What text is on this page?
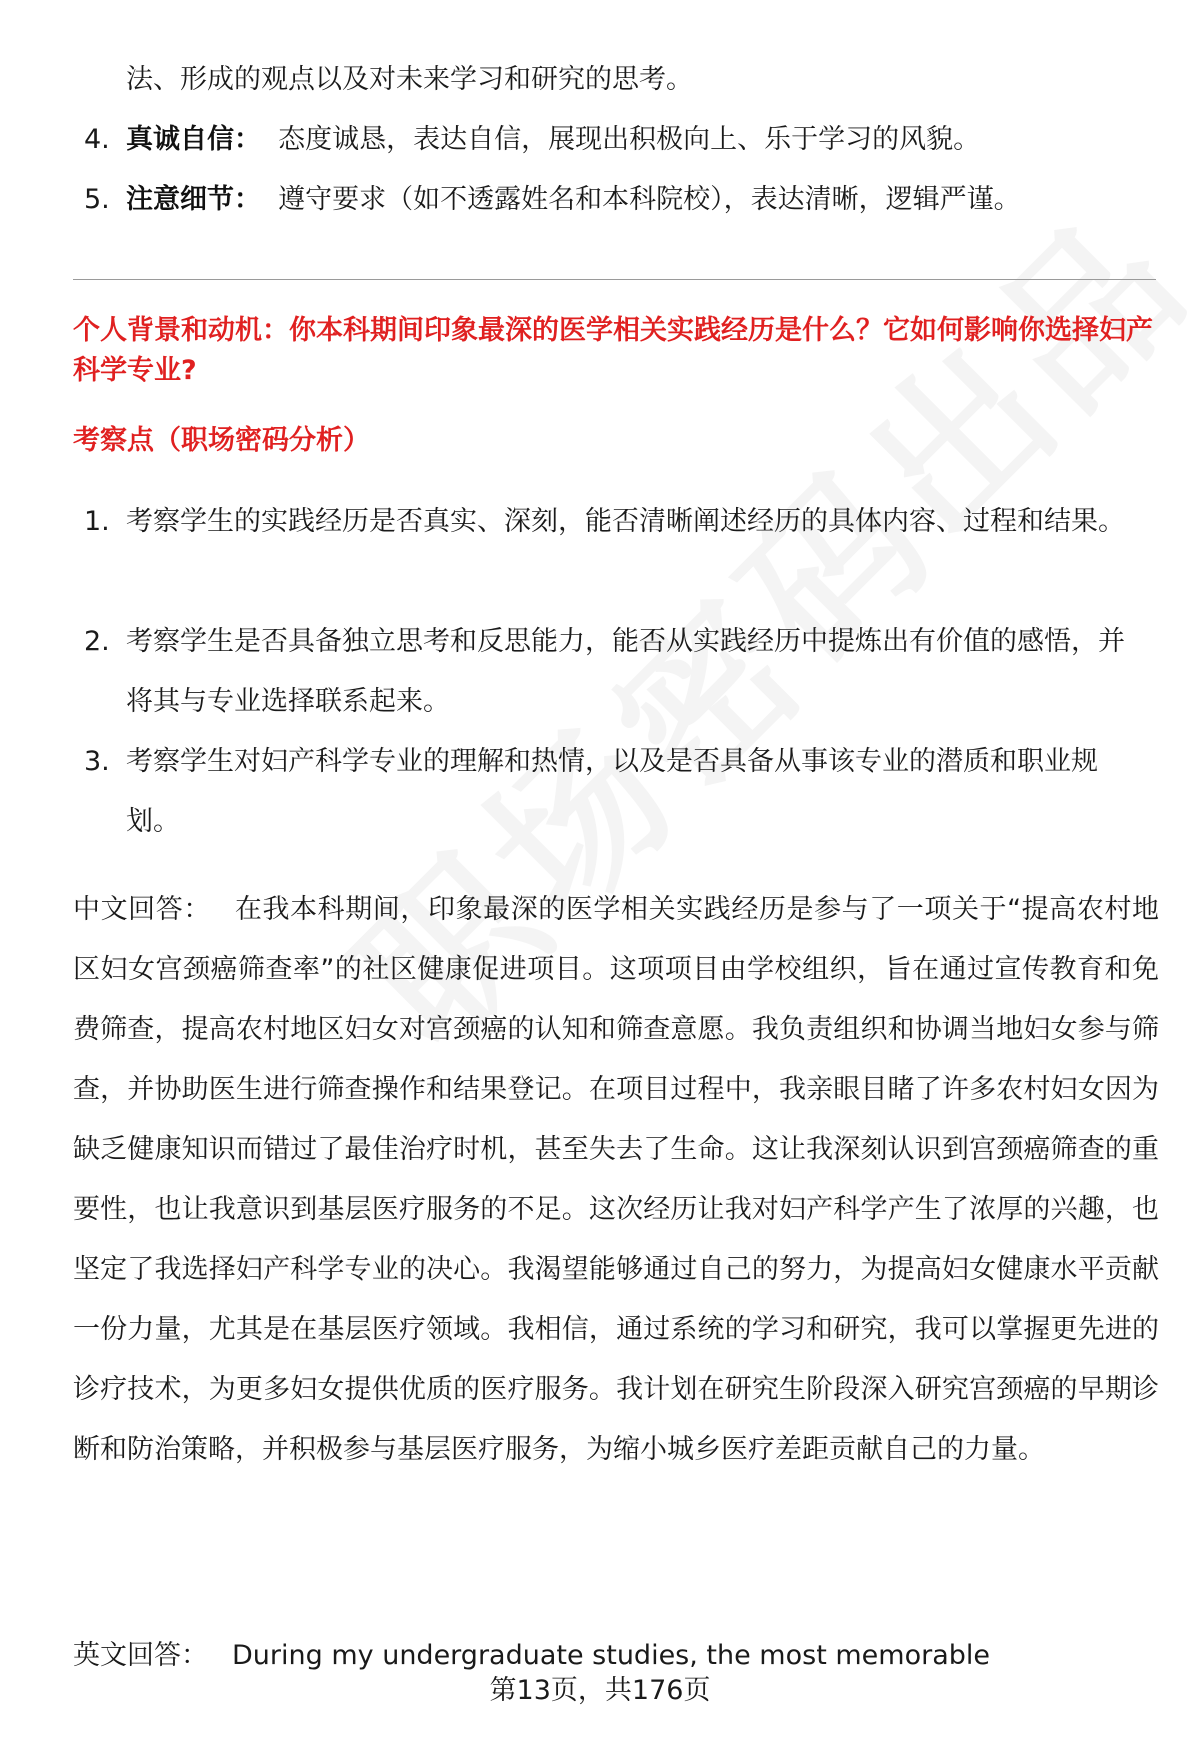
法、形成的观点以及对未来学习和研究的思考。
4. 真诚自信： 态度诚恳，表达自信，展现出积极向上、乐于学习的风貌。
5. 注意细节： 遵守要求（如不透露姓名和本科院校），表达清晰，逻辑严谨。
个人背景和动机：你本科期间印象最深的医学相关实践经历是什么？它如何影响你选择妇产科学专业?
考察点（职场密码分析）
1. 考察学生的实践经历是否真实、深刻，能否清晰阐述经历的具体内容、过程和结果。
2. 考察学生是否具备独立思考和反思能力，能否从实践经历中提炼出有价值的感悟，并将其与专业选择联系起来。
3. 考察学生对妇产科学专业的理解和热情，以及是否具备从事该专业的潜质和职业规划。
中文回答： 在我本科期间，印象最深的医学相关实践经历是参与了一项关于“提高农村地区妇女宫颈癌筛查率”的社区健康促进项目。这项项目由学校组织，旨在通过宣传教育和免费筛查，提高农村地区妇女对宫颈癌的认知和筛查意愿。我负责组织和协调当地妇女参与筛查，并协助医生进行筛查操作和结果登记。在项目过程中，我亲眼目睹了许多农村妇女因为缺乏健康知识而错过了最佳治疗时机，甚至失去了生命。这让我深刻认识到宫颈癌筛查的重要性，也让我意识到基层医疗服务的不足。这次经历让我对妇产科学产生了浓厚的兴趣，也坚定了我选择妇产科学专业的决心。我渴望能够通过自己的努力，为提高妇女健康水平贡献一份力量，尤其是在基层医疗领域。我相信，通过系统的学习和研究，我可以掌握更先进的诊疗技术，为更多妇女提供优质的医疗服务。我计划在研究生阶段深入研究宫颈癌的早期诊断和防治策略，并积极参与基层医疗服务，为缩小城乡医疗差距贡献自己的力量。
英文回答： During my undergraduate studies, the most memorable
第13页，共176页
